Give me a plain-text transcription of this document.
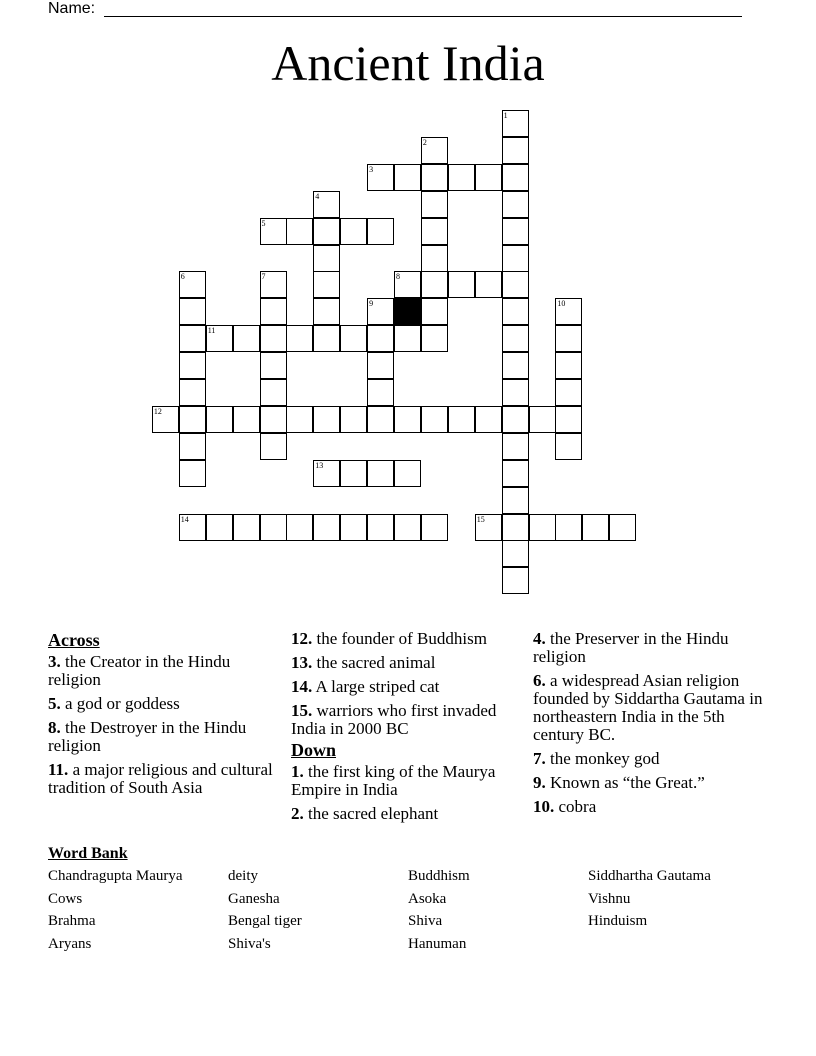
Name:
Ancient India
1
2
3
4
5
8
6	7
9	10
11
12
13
14	15
Across
3. the Creator in the Hindu religion
5. a god or goddess
8. the Destroyer in the Hindu religion
11. a major religious and cultural tradition of South Asia
12. the founder of Buddhism
13. the sacred animal
14. A large striped cat
15. warriors who first invaded India in 2000 BC
Down
1. the first king of the Maurya Empire in India
2. the sacred elephant
4. the Preserver in the Hindu religion
6. a widespread Asian religion founded by Siddartha Gautama in northeastern India in the 5th century BC.
7. the monkey god
9. Known as “the Great.”
10. cobra
Word Bank
Chandragupta Maurya
Cows
Brahma
Aryans
deity
Ganesha
Bengal tiger
Shiva's
Buddhism
Asoka
Shiva
Hanuman
Siddhartha Gautama
Vishnu
Hinduism
